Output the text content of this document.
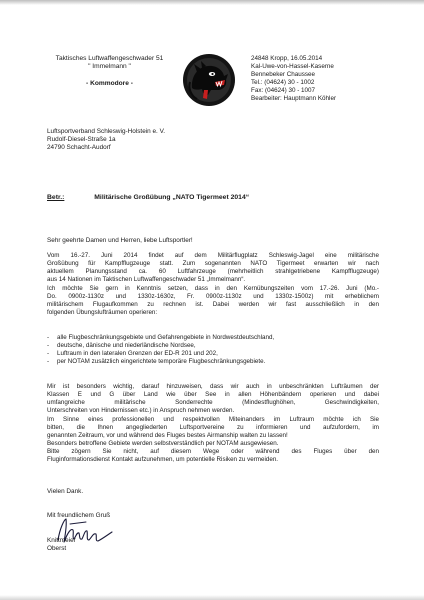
Taktisches Luftwaffengeschwader 51
" Immelmann "
- Kommodore -
24848 Kropp, 16.05.2014
Kal-Uwe-von-Hassel-Kaserne
Bennebeker Chaussee
Tel.: (04624) 30 - 1002
Fax: (04624) 30 - 1007
Bearbeiter: Hauptmann Köhler
Luftsportverband Schleswig-Holstein e. V.
Rudolf-Diesel-Straße 1a
24790 Schacht-Audorf
Betr.:	Militärische Großübung „NATO Tigermeet 2014“
Sehr geehrte Damen und Herren, liebe Luftsportler!
Vom 16.-27. Juni 2014 findet auf dem Militärflugplatz Schleswig-Jagel eine militärische
Großübung für Kampfflugzeuge statt. Zum sogenannten NATO Tigermeet erwarten wir nach
aktuellem Planungsstand ca. 60 Luftfahrzeuge (mehrheitlich strahlgetriebene Kampfflugzeuge)
aus 14 Nationen im Taktischen Luftwaffengeschwader 51 „Immelmann“.
Ich möchte Sie gern in Kenntnis setzen, dass in den Kernübungszeiten vom 17.-26. Juni (Mo.-
Do. 0900z-1130z und 1330z-1630z, Fr. 0900z-1130z und 1330z-1500z) mit erheblichem
militärischem Flugaufkommen zu rechnen ist. Dabei werden wir fast ausschließlich in den
folgenden Übungslufträumen operieren:
- alle Flugbeschränkungsgebiete und Gefahrengebiete in Nordwestdeutschland,
- deutsche, dänische und niederländische Nordsee,
- Luftraum in den lateralen Grenzen der ED-R 201 und 202,
- per NOTAM zusätzlich eingerichtete temporäre Flugbeschränkungsgebiete.
Mir ist besonders wichtig, darauf hinzuweisen, dass wir auch in unbeschränkten Lufträumen der
Klassen E und G über Land wie über See in allen Höhenbändern operieren und dabei
umfangreiche militärische Sonderrechte (Mindestflughöhen, Geschwindigkeiten,
Unterschreiten von Hindernissen etc.) in Anspruch nehmen werden.
Im Sinne eines professionellen und respektvollen Miteinanders im Luftraum möchte ich Sie
bitten, die Ihnen angegliederten Luftsportvereine zu informieren und aufzufordern, im
genannten Zeitraum, vor und während des Fluges bestes Airmanship walten zu lassen!
Besonders betroffene Gebiete werden selbstverständlich per NOTAM ausgewiesen.
Bitte zögern Sie nicht, auf diesem Wege oder während des Fluges über den
Fluginformationsdienst Kontakt aufzunehmen, um potentielle Risiken zu vermeiden.
Vielen Dank.
Mit freundlichem Gruß
Knittmeier
Oberst
